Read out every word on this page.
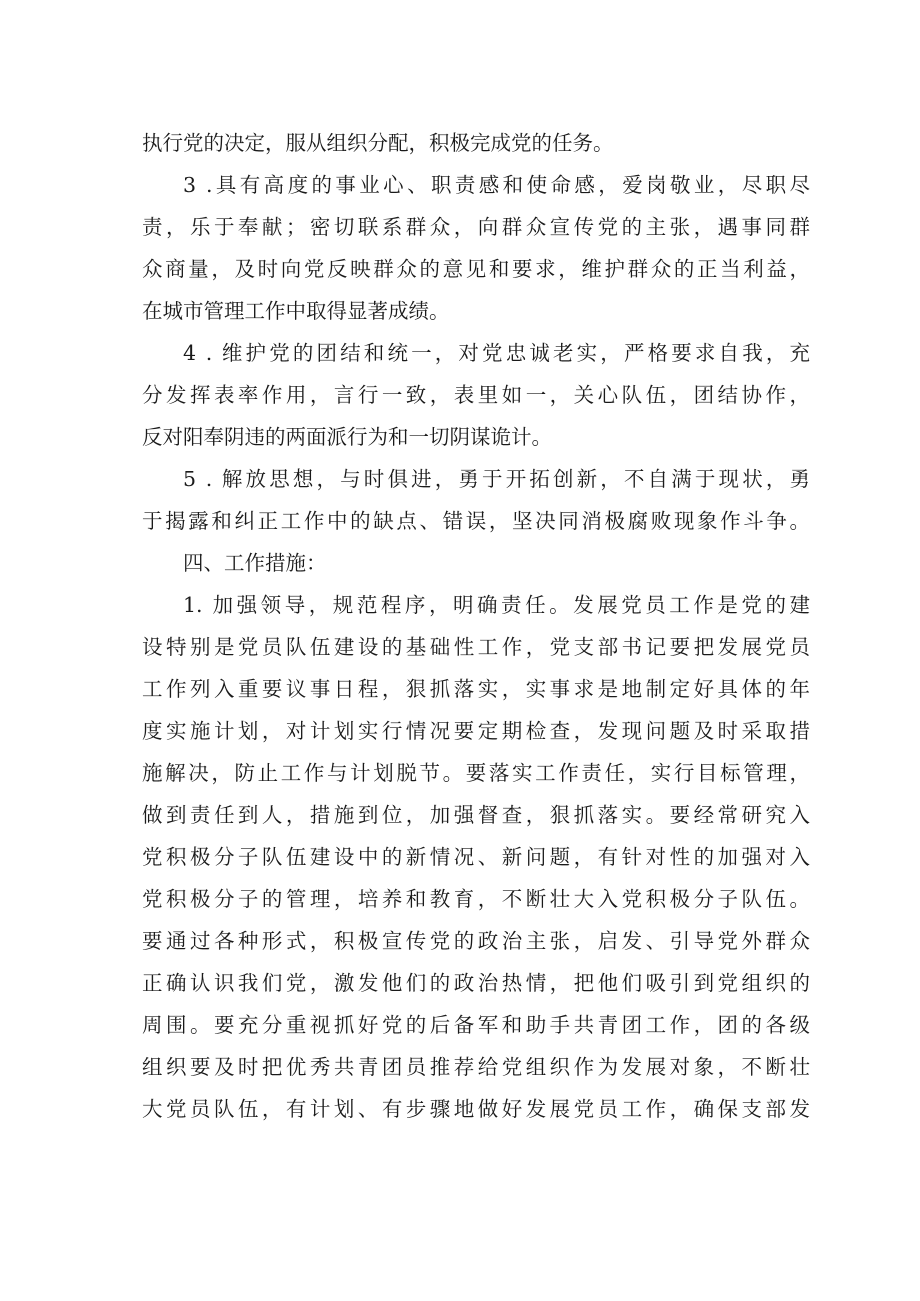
执行党的决定，服从组织分配，积极完成党的任务。
3 .具有高度的事业心、职责感和使命感，爱岗敬业，尽职尽
责，乐于奉献；密切联系群众，向群众宣传党的主张，遇事同群
众商量，及时向党反映群众的意见和要求，维护群众的正当利益，
在城市管理工作中取得显著成绩。
4 . 维护党的团结和统一，对党忠诚老实，严格要求自我，充
分发挥表率作用，言行一致，表里如一，关心队伍，团结协作，
反对阳奉阴违的两面派行为和一切阴谋诡计。
5 . 解放思想，与时俱进，勇于开拓创新，不自满于现状，勇
于揭露和纠正工作中的缺点、错误，坚决同消极腐败现象作斗争。
四、工作措施：
1. 加强领导，规范程序，明确责任。发展党员工作是党的建
设特别是党员队伍建设的基础性工作，党支部书记要把发展党员
工作列入重要议事日程，狠抓落实，实事求是地制定好具体的年
度实施计划，对计划实行情况要定期检查，发现问题及时采取措
施解决，防止工作与计划脱节。要落实工作责任，实行目标管理，
做到责任到人，措施到位，加强督查，狠抓落实。要经常研究入
党积极分子队伍建设中的新情况、新问题，有针对性的加强对入
党积极分子的管理，培养和教育，不断壮大入党积极分子队伍。
要通过各种形式，积极宣传党的政治主张，启发、引导党外群众
正确认识我们党，激发他们的政治热情，把他们吸引到党组织的
周围。要充分重视抓好党的后备军和助手共青团工作，团的各级
组织要及时把优秀共青团员推荐给党组织作为发展对象，不断壮
大党员队伍，有计划、有步骤地做好发展党员工作，确保支部发
